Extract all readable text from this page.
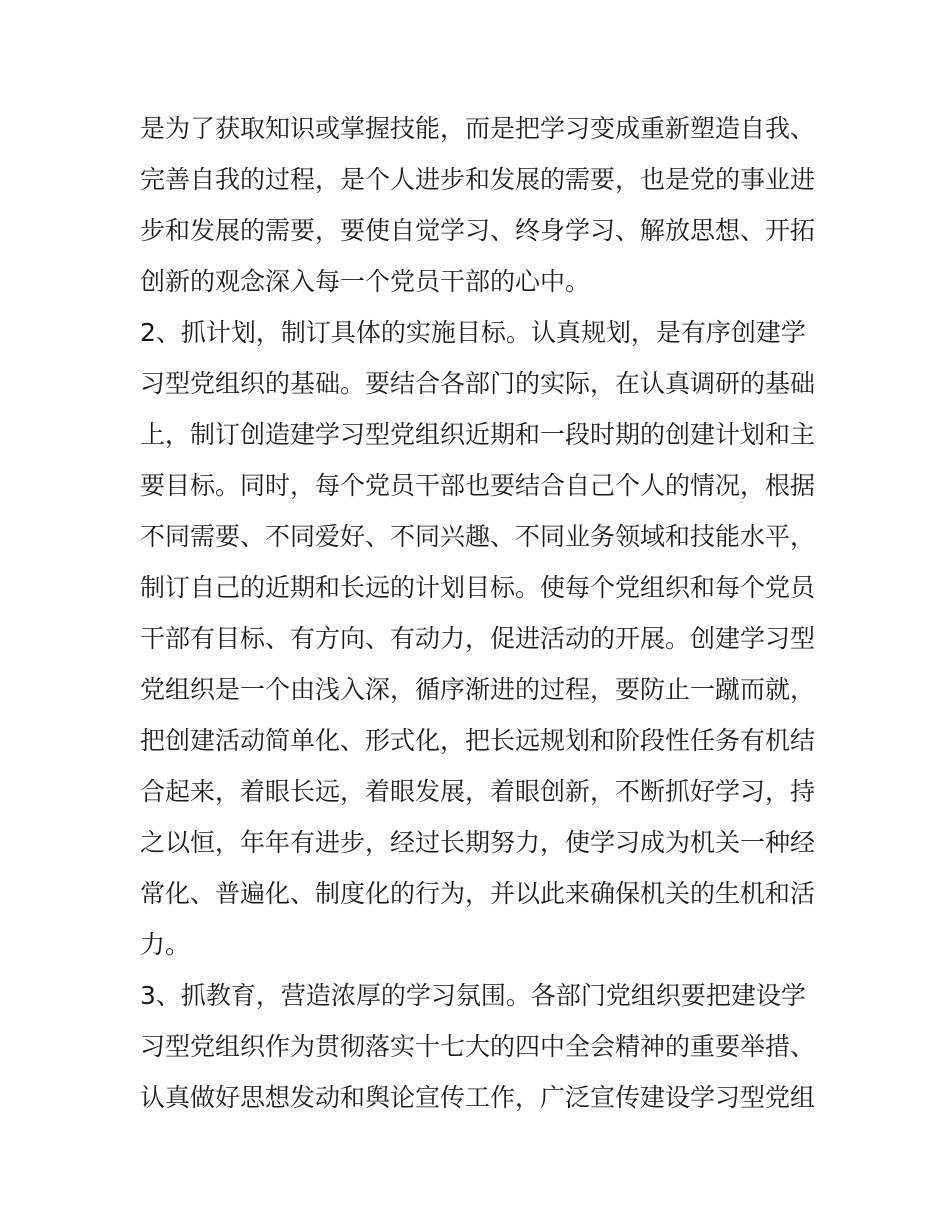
是为了获取知识或掌握技能，而是把学习变成重新塑造自我、
完善自我的过程，是个人进步和发展的需要，也是党的事业进
步和发展的需要，要使自觉学习、终身学习、解放思想、开拓
创新的观念深入每一个党员干部的心中。
2、抓计划，制订具体的实施目标。认真规划，是有序创建学
习型党组织的基础。要结合各部门的实际，在认真调研的基础
上，制订创造建学习型党组织近期和一段时期的创建计划和主
要目标。同时，每个党员干部也要结合自己个人的情况，根据
不同需要、不同爱好、不同兴趣、不同业务领域和技能水平，
制订自己的近期和长远的计划目标。使每个党组织和每个党员
干部有目标、有方向、有动力，促进活动的开展。创建学习型
党组织是一个由浅入深，循序渐进的过程，要防止一蹴而就，
把创建活动简单化、形式化，把长远规划和阶段性任务有机结
合起来，着眼长远，着眼发展，着眼创新，不断抓好学习，持
之以恒，年年有进步，经过长期努力，使学习成为机关一种经
常化、普遍化、制度化的行为，并以此来确保机关的生机和活
力。
3、抓教育，营造浓厚的学习氛围。各部门党组织要把建设学
习型党组织作为贯彻落实十七大的四中全会精神的重要举措、
认真做好思想发动和舆论宣传工作，广泛宣传建设学习型党组
